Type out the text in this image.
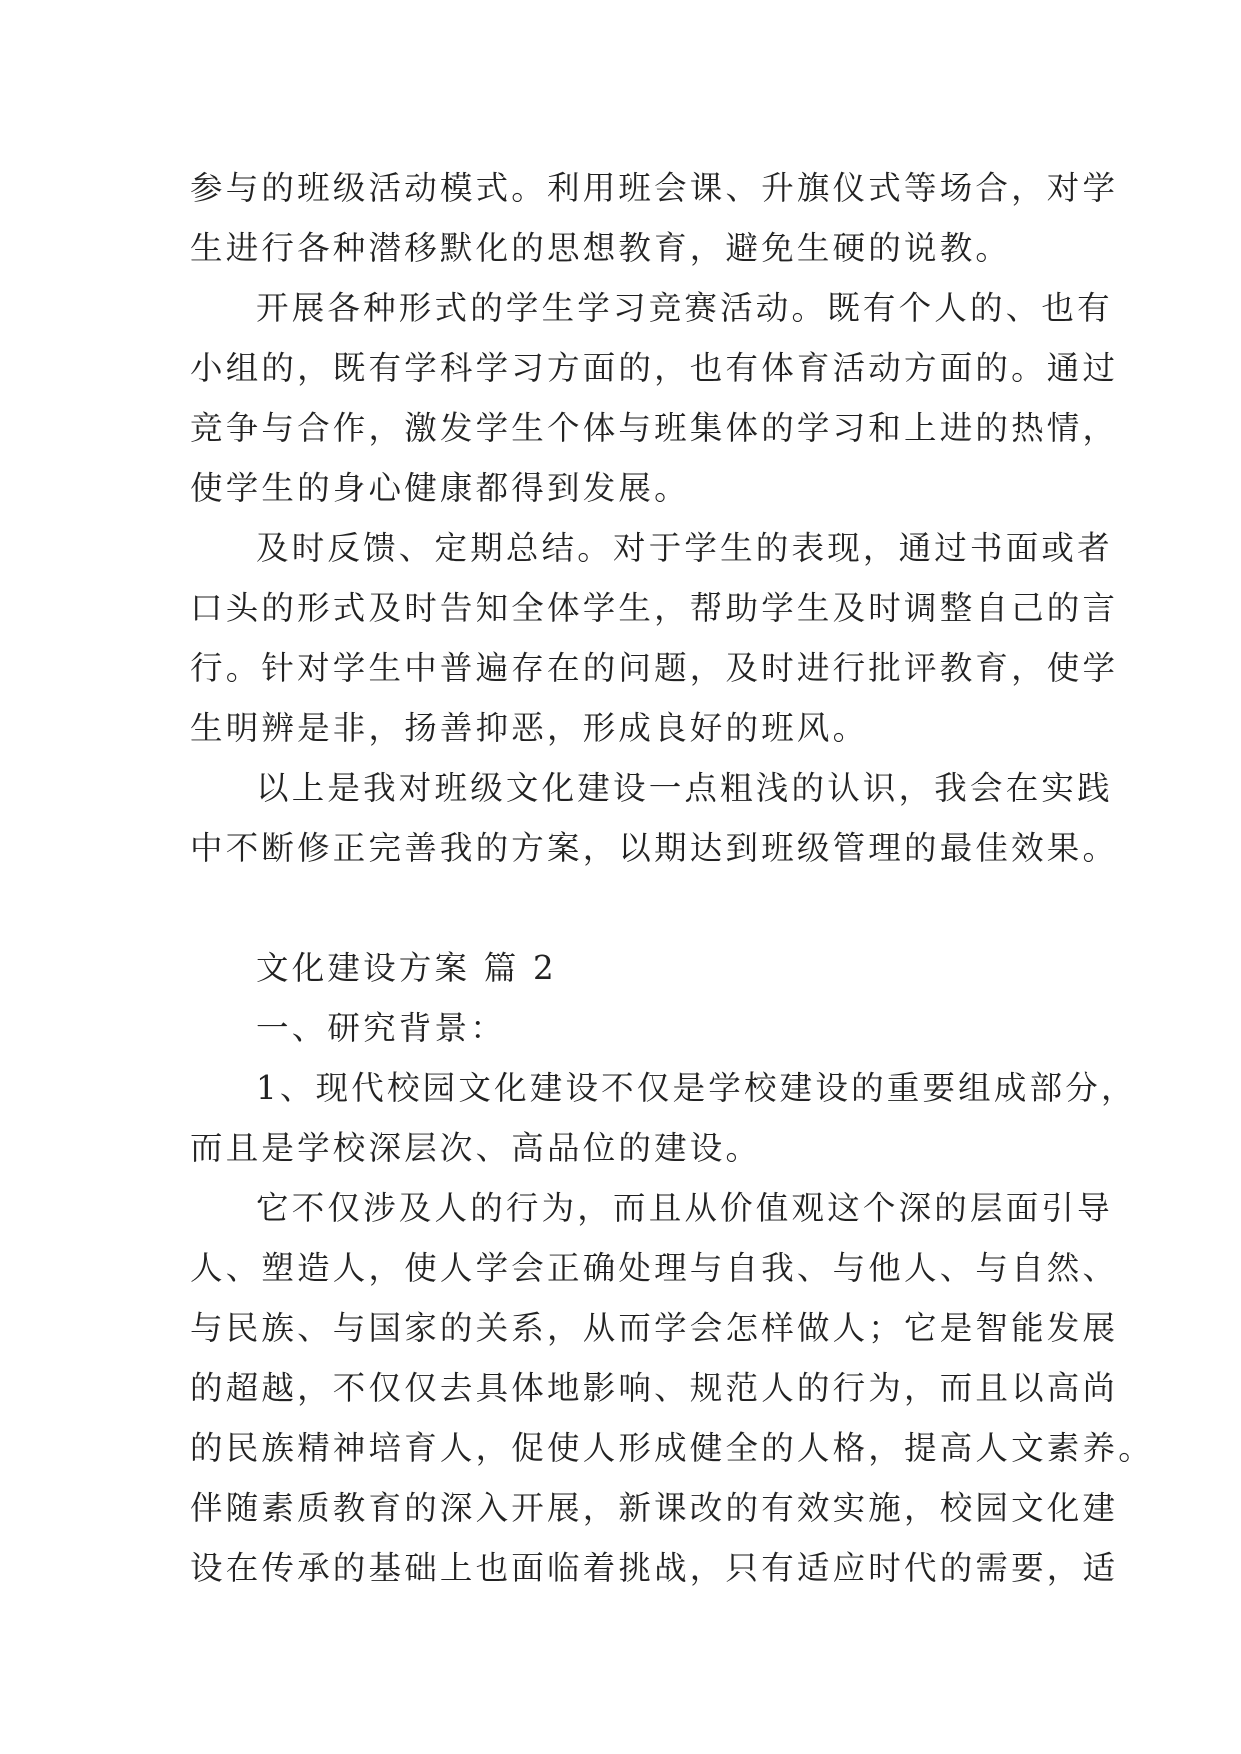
参与的班级活动模式。利用班会课、升旗仪式等场合，对学
生进行各种潜移默化的思想教育，避免生硬的说教。
开展各种形式的学生学习竞赛活动。既有个人的、也有
小组的，既有学科学习方面的，也有体育活动方面的。通过
竞争与合作，激发学生个体与班集体的学习和上进的热情，
使学生的身心健康都得到发展。
及时反馈、定期总结。对于学生的表现，通过书面或者
口头的形式及时告知全体学生，帮助学生及时调整自己的言
行。针对学生中普遍存在的问题，及时进行批评教育，使学
生明辨是非，扬善抑恶，形成良好的班风。
以上是我对班级文化建设一点粗浅的认识，我会在实践
中不断修正完善我的方案，以期达到班级管理的最佳效果。
文化建设方案 篇 2
一、研究背景：
1、现代校园文化建设不仅是学校建设的重要组成部分，
而且是学校深层次、高品位的建设。
它不仅涉及人的行为，而且从价值观这个深的层面引导
人、塑造人，使人学会正确处理与自我、与他人、与自然、
与民族、与国家的关系，从而学会怎样做人；它是智能发展
的超越，不仅仅去具体地影响、规范人的行为，而且以高尚
的民族精神培育人，促使人形成健全的人格，提高人文素养。
伴随素质教育的深入开展，新课改的有效实施，校园文化建
设在传承的基础上也面临着挑战，只有适应时代的需要，适
